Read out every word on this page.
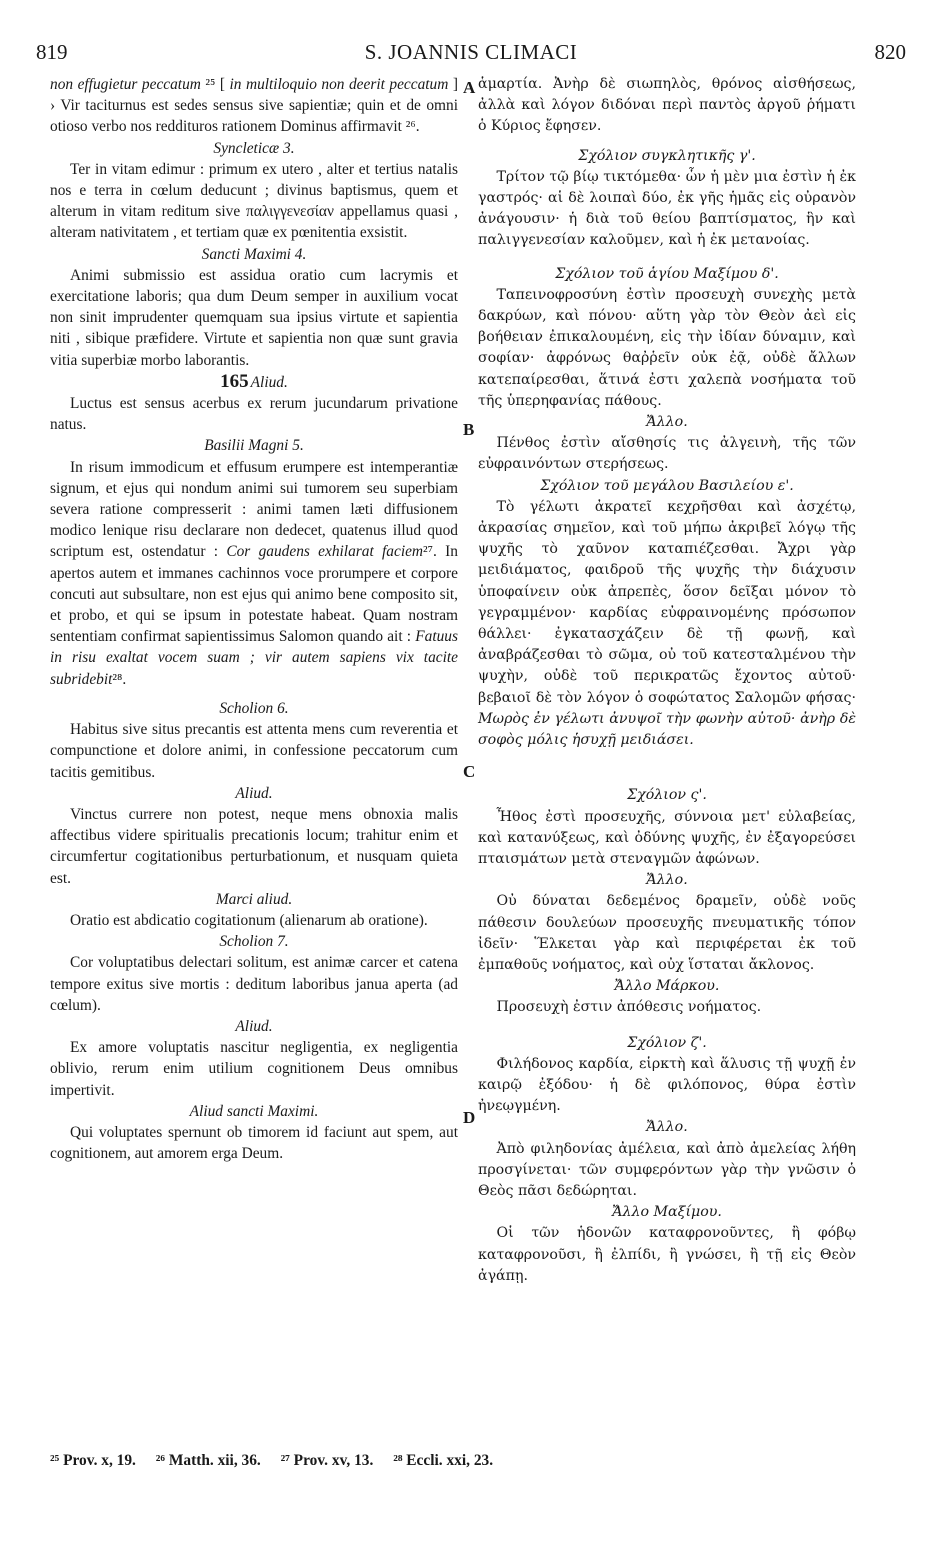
819	S. JOANNIS CLIMACI	820
A
B
C
D

non effugietur peccatum ²⁵ [ in multiloquio non deerit peccatum ] › Vir taciturnus est sedes sensus sive sapientiæ; quin et de omni otioso verbo nos reddituros rationem Dominus affirmavit ²⁶.

Syncleticæ 3.

Ter in vitam edimur : primum ex utero , alter et tertius natalis nos e terra in cœlum deducunt ; divinus baptismus, quem et alterum in vitam reditum sive παλιγγενεσίαν appellamus quasi , alteram nativitatem , et tertiam quæ ex pœnitentia exsistit.

Sancti Maximi 4.

Animi submissio est assidua oratio cum lacrymis et exercitatione laboris; qua dum Deum semper in auxilium vocat non sinit imprudenter quemquam sua ipsius virtute et sapientia niti , sibique præfidere. Virtute et sapientia non quæ sunt gravia vitia superbiæ morbo laborantis.

165 Aliud.

Luctus est sensus acerbus ex rerum jucundarum privatione natus.

Basilii Magni 5.

In risum immodicum et effusum erumpere est intemperantiæ signum, et ejus qui nondum animi sui tumorem seu superbiam severa ratione compresserit : animi tamen læti diffusionem modico lenique risu declarare non dedecet, quatenus illud quod scriptum est, ostendatur : Cor gaudens exhilarat faciem²⁷. In apertos autem et immanes cachinnos voce prorumpere et corpore concuti aut subsultare, non est ejus qui animo bene composito sit, et probo, et qui se ipsum in potestate habeat. Quam nostram sententiam confirmat sapientissimus Salomon quando ait : Fatuus in risu exaltat vocem suam ; vir autem sapiens vix tacite subridebit²⁸.

Scholion 6.

Habitus sive situs precantis est attenta mens cum reverentia et compunctione et dolore animi, in confessione peccatorum cum tacitis gemitibus.

Aliud.

Vinctus currere non potest, neque mens obnoxia malis affectibus videre spiritualis precationis locum; trahitur enim et circumfertur cogitationibus perturbationum, et nusquam quieta est.

Marci aliud.

Oratio est abdicatio cogitationum (alienarum ab oratione).

Scholion 7.

Cor voluptatibus delectari solitum, est animæ carcer et catena tempore exitus sive mortis : deditum laboribus janua aperta (ad cœlum).

Aliud.

Ex amore voluptatis nascitur negligentia, ex negligentia oblivio, rerum enim utilium cognitionem Deus omnibus impertivit.

Aliud sancti Maximi.

Qui voluptates spernunt ob timorem id faciunt aut spem, aut cognitionem, aut amorem erga Deum.

ἁμαρτία. Ἀνὴρ δὲ σιωπηλὸς, θρόνος αἰσθήσεως, ἀλλὰ καὶ λόγον διδόναι περὶ παντὸς ἀργοῦ ῥήματι ὁ Κύριος ἔφησεν.

Σχόλιον συγκλητικῆς γ'.

Τρίτον τῷ βίῳ τικτόμεθα· ὧν ἡ μὲν μια ἐστὶν ἡ ἐκ γαστρός· αἱ δὲ λοιπαὶ δύο, ἐκ γῆς ἡμᾶς εἰς οὐρανὸν ἀνάγουσιν· ἡ διὰ τοῦ θείου βαπτίσματος, ἣν καὶ παλιγγενεσίαν καλοῦμεν, καὶ ἡ ἐκ μετανοίας.

Σχόλιον τοῦ ἁγίου Μαξίμου δ'.

Ταπεινοφροσύνη ἐστὶν προσευχὴ συνεχὴς μετὰ δακρύων, καὶ πόνου· αὕτη γὰρ τὸν Θεὸν ἀεὶ εἰς βοήθειαν ἐπικαλουμένη, εἰς τὴν ἰδίαν δύναμιν, καὶ σοφίαν· ἀφρόνως θαῤῥεῖν οὐκ ἐᾷ, οὐδὲ ἄλλων κατεπαίρεσθαι, ἅτινά ἐστι χαλεπὰ νοσήματα τοῦ τῆς ὑπερηφανίας πάθους.

Ἄλλο.

Πένθος ἐστὶν αἴσθησίς τις ἀλγεινὴ, τῆς τῶν εὐφραινόντων στερήσεως.

Σχόλιον τοῦ μεγάλου Βασιλείου ε'.

Τὸ γέλωτι ἀκρατεῖ κεχρῆσθαι καὶ ἀσχέτῳ, ἀκρασίας σημεῖον, καὶ τοῦ μήπω ἀκριβεῖ λόγῳ τῆς ψυχῆς τὸ χαῦνον καταπιέζεσθαι. Ἄχρι γὰρ μειδιάματος, φαιδροῦ τῆς ψυχῆς τὴν διάχυσιν ὑποφαίνειν οὐκ ἀπρεπὲς, ὅσον δεῖξαι μόνον τὸ γεγραμμένον· καρδίας εὐφραινομένης πρόσωπον θάλλει· ἐγκατασχάζειν δὲ τῇ φωνῇ, καὶ ἀναβράζεσθαι τὸ σῶμα, οὐ τοῦ κατεσταλμένου τὴν ψυχὴν, οὐδὲ τοῦ περικρατῶς ἔχοντος αὐτοῦ· βεβαιοῖ δὲ τὸν λόγον ὁ σοφώτατος Σαλομῶν φήσας· Μωρὸς ἐν γέλωτι ἀνυψοῖ τὴν φωνὴν αὐτοῦ· ἀνὴρ δὲ σοφὸς μόλις ἡσυχῇ μειδιάσει.

Σχόλιον ς'.

Ἦθος ἐστὶ προσευχῆς, σύννοια μετ' εὐλαβείας, καὶ κατανύξεως, καὶ ὀδύνης ψυχῆς, ἐν ἐξαγορεύσει πταισμάτων μετὰ στεναγμῶν ἀφώνων.

Ἄλλο.

Οὐ δύναται δεδεμένος δραμεῖν, οὐδὲ νοῦς πάθεσιν δουλεύων προσευχῆς πνευματικῆς τόπον ἰδεῖν· Ἕλκεται γὰρ καὶ περιφέρεται ἐκ τοῦ ἐμπαθοῦς νοήματος, καὶ οὐχ ἵσταται ἄκλονος.

Ἄλλο Μάρκου.

Προσευχὴ ἐστιν ἀπόθεσις νοήματος.

Σχόλιον ζ'.

Φιλήδονος καρδία, εἱρκτὴ καὶ ἅλυσις τῇ ψυχῇ ἐν καιρῷ ἐξόδου· ἡ δὲ φιλόπονος, θύρα ἐστὶν ἠνεῳγμένη.

Ἄλλο.

Ἀπὸ φιληδονίας ἀμέλεια, καὶ ἀπὸ ἀμελείας λήθη προσγίνεται· τῶν συμφερόντων γὰρ τὴν γνῶσιν ὁ Θεὸς πᾶσι δεδώρηται.

Ἄλλο Μαξίμου.

Οἱ τῶν ἡδονῶν καταφρονοῦντες, ἢ φόβῳ καταφρονοῦσι, ἢ ἐλπίδι, ἢ γνώσει, ἢ τῇ εἰς Θεὸν ἀγάπῃ.

²⁵ Prov. x, 19. ²⁶ Matth. xii, 36. ²⁷ Prov. xv, 13. ²⁸ Eccli. xxi, 23.
